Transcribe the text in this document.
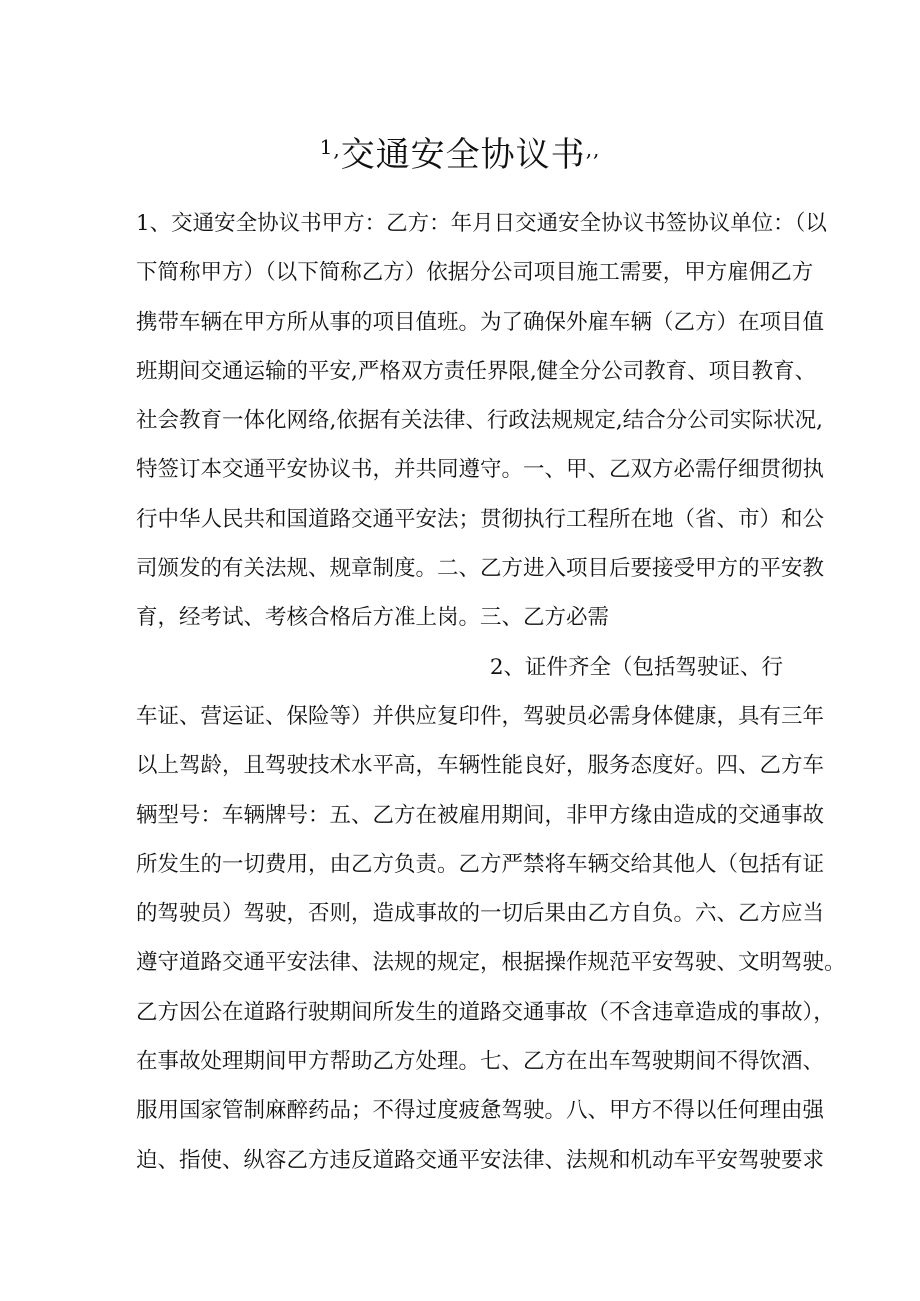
$^{1,}$交通安全协议书,,
1、交通安全协议书甲方：乙方：年月日交通安全协议书签协议单位：（以
下简称甲方）（以下简称乙方）依据分公司项目施工需要，甲方雇佣乙方
携带车辆在甲方所从事的项目值班。为了确保外雇车辆（乙方）在项目值
班期间交通运输的平安,严格双方责任界限,健全分公司教育、项目教育、
社会教育一体化网络,依据有关法律、行政法规规定,结合分公司实际状况,
特签订本交通平安协议书，并共同遵守。一、甲、乙双方必需仔细贯彻执
行中华人民共和国道路交通平安法；贯彻执行工程所在地（省、市）和公
司颁发的有关法规、规章制度。二、乙方进入项目后要接受甲方的平安教
育，经考试、考核合格后方准上岗。三、乙方必需
2、证件齐全（包括驾驶证、行
车证、营运证、保险等）并供应复印件，驾驶员必需身体健康，具有三年
以上驾龄，且驾驶技术水平高，车辆性能良好，服务态度好。四、乙方车
辆型号：车辆牌号：五、乙方在被雇用期间，非甲方缘由造成的交通事故
所发生的一切费用，由乙方负责。乙方严禁将车辆交给其他人（包括有证
的驾驶员）驾驶，否则，造成事故的一切后果由乙方自负。六、乙方应当
遵守道路交通平安法律、法规的规定，根据操作规范平安驾驶、文明驾驶。
乙方因公在道路行驶期间所发生的道路交通事故（不含违章造成的事故），
在事故处理期间甲方帮助乙方处理。七、乙方在出车驾驶期间不得饮酒、
服用国家管制麻醉药品；不得过度疲惫驾驶。八、甲方不得以任何理由强
迫、指使、纵容乙方违反道路交通平安法律、法规和机动车平安驾驶要求
